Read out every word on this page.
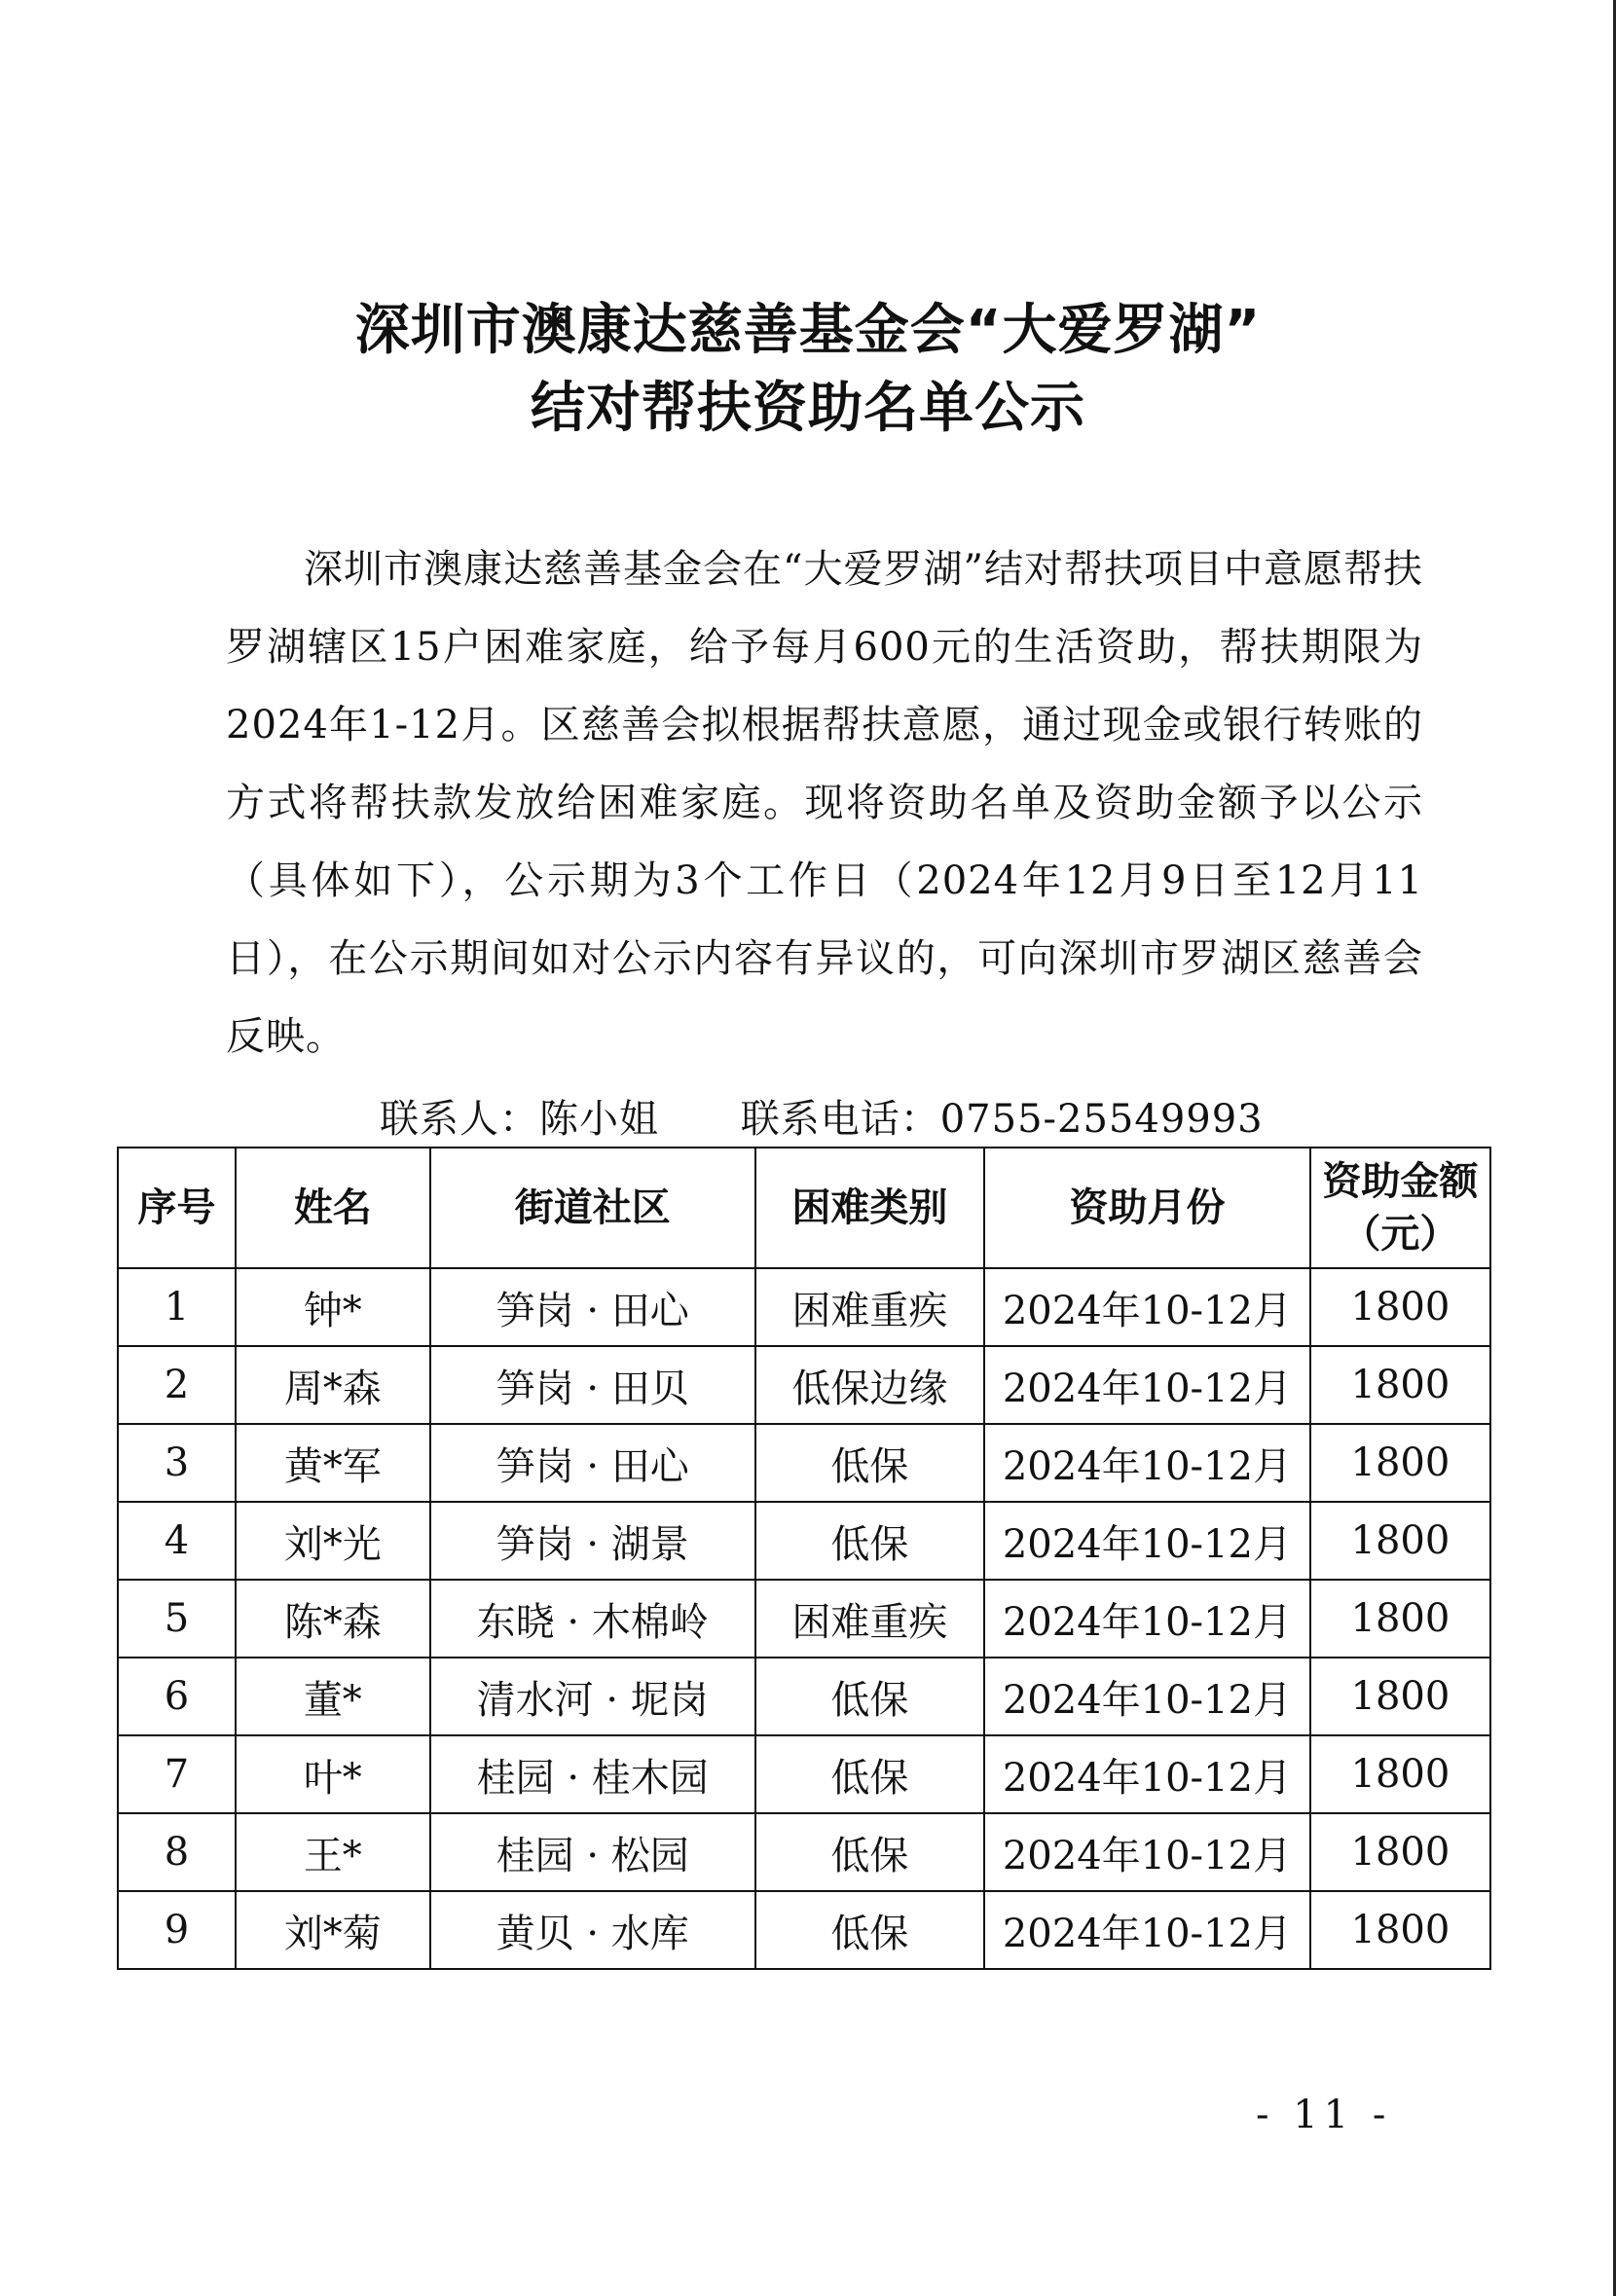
深圳市澳康达慈善基金会“大爱罗湖”
结对帮扶资助名单公示
深圳市澳康达慈善基金会在“大爱罗湖”结对帮扶项目中意愿帮扶罗湖辖区15户困难家庭，给予每月600元的生活资助，帮扶期限为2024年1-12月。区慈善会拟根据帮扶意愿，通过现金或银行转账的方式将帮扶款发放给困难家庭。现将资助名单及资助金额予以公示（具体如下），公示期为3个工作日（2024年12月9日至12月11日），在公示期间如对公示内容有异议的，可向深圳市罗湖区慈善会反映。
联系人：陈小姐 联系电话：0755-25549993
序号	姓名	街道社区	困难类别	资助月份	资助金额
（元）

1	钟*	笋岗 · 田心	困难重疾	2024年10-12月	1800
2	周*森	笋岗 · 田贝	低保边缘	2024年10-12月	1800
3	黄*军	笋岗 · 田心	低保	2024年10-12月	1800
4	刘*光	笋岗 · 湖景	低保	2024年10-12月	1800
5	陈*森	东晓 · 木棉岭	困难重疾	2024年10-12月	1800
6	董*	清水河 · 坭岗	低保	2024年10-12月	1800
7	叶*	桂园 · 桂木园	低保	2024年10-12月	1800
8	王*	桂园 · 松园	低保	2024年10-12月	1800
9	刘*菊	黄贝 · 水库	低保	2024年10-12月	1800
- 11 -
